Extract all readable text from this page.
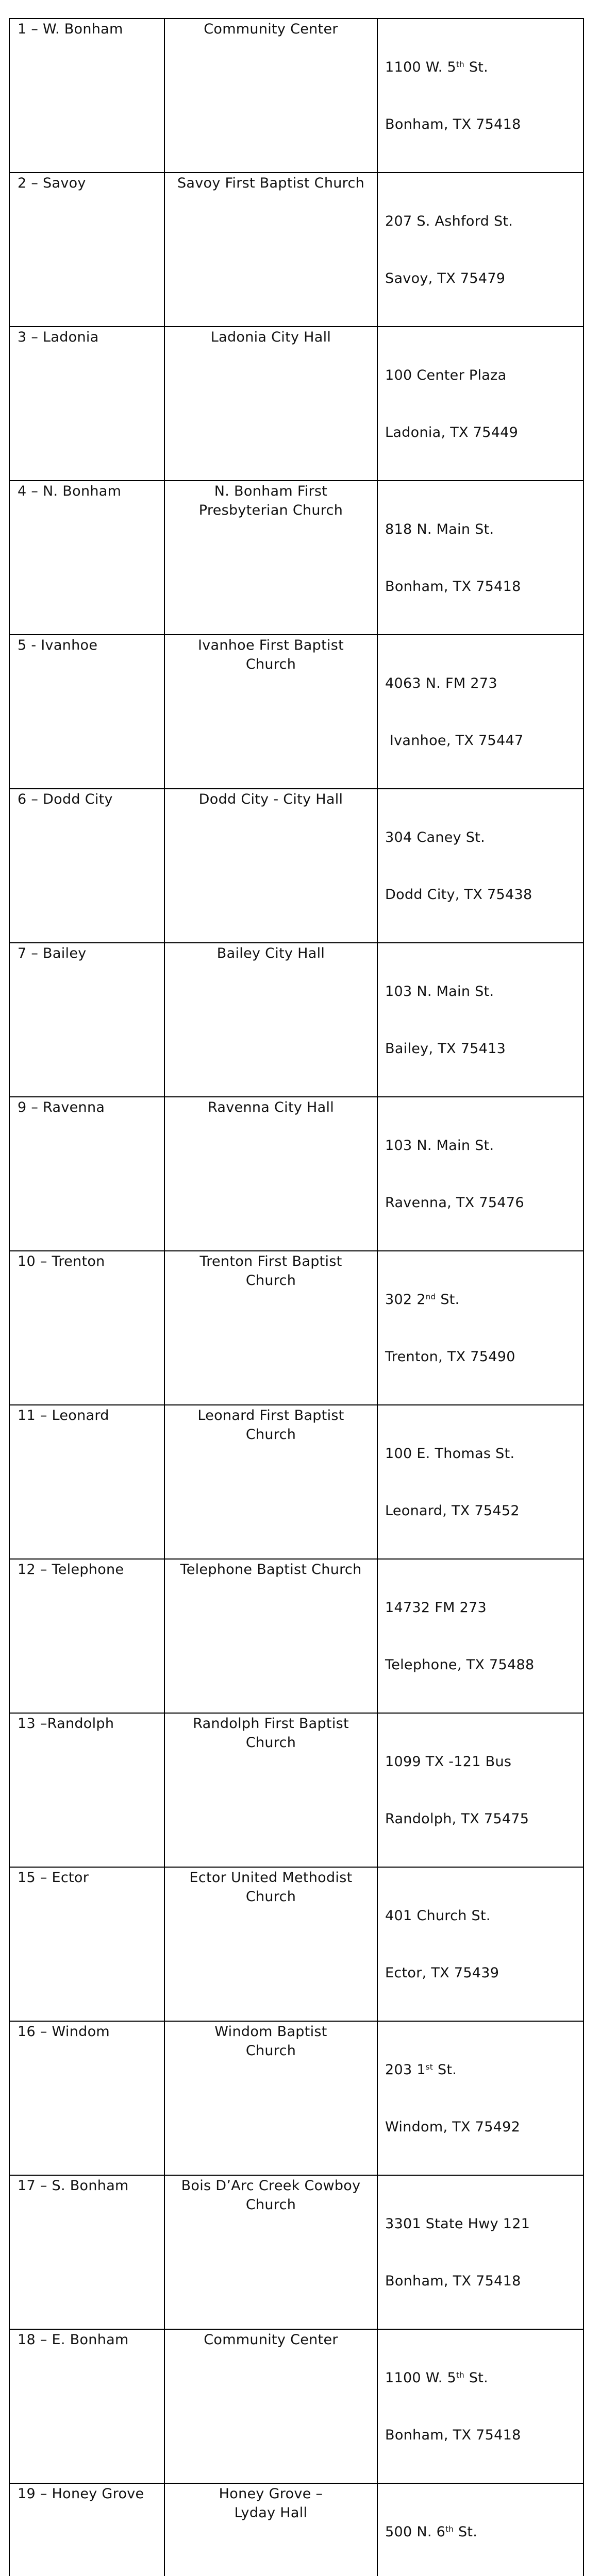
1 – W. Bonham	Community Center	1100 W. 5th St.

Bonham, TX 75418

2 – Savoy	Savoy First Baptist Church	207 S. Ashford St.

Savoy, TX 75479

3 – Ladonia	Ladonia City Hall	100 Center Plaza

Ladonia, TX 75449

4 – N. Bonham	N. Bonham First
Presbyterian Church	818 N. Main St.

Bonham, TX 75418

5 - Ivanhoe	Ivanhoe First Baptist
Church	4063 N. FM 273

Ivanhoe, TX 75447

6 – Dodd City	Dodd City - City Hall	304 Caney St.

Dodd City, TX 75438

7 – Bailey	Bailey City Hall	103 N. Main St.

Bailey, TX 75413

9 – Ravenna	Ravenna City Hall	103 N. Main St.

Ravenna, TX 75476

10 – Trenton	Trenton First Baptist
Church	302 2nd St.

Trenton, TX 75490

11 – Leonard	Leonard First Baptist
Church	100 E. Thomas St.

Leonard, TX 75452

12 – Telephone	Telephone Baptist Church	14732 FM 273

Telephone, TX 75488

13 –Randolph	Randolph First Baptist
Church	1099 TX -121 Bus

Randolph, TX 75475

15 – Ector	Ector United Methodist
Church	401 Church St.

Ector, TX 75439

16 – Windom	Windom Baptist
Church	203 1st St.

Windom, TX 75492

17 – S. Bonham	Bois D’Arc Creek Cowboy
Church	3301 State Hwy 121

Bonham, TX 75418

18 – E. Bonham	Community Center	1100 W. 5th St.

Bonham, TX 75418

19 – Honey Grove	Honey Grove –
Lyday Hall	500 N. 6th St.
